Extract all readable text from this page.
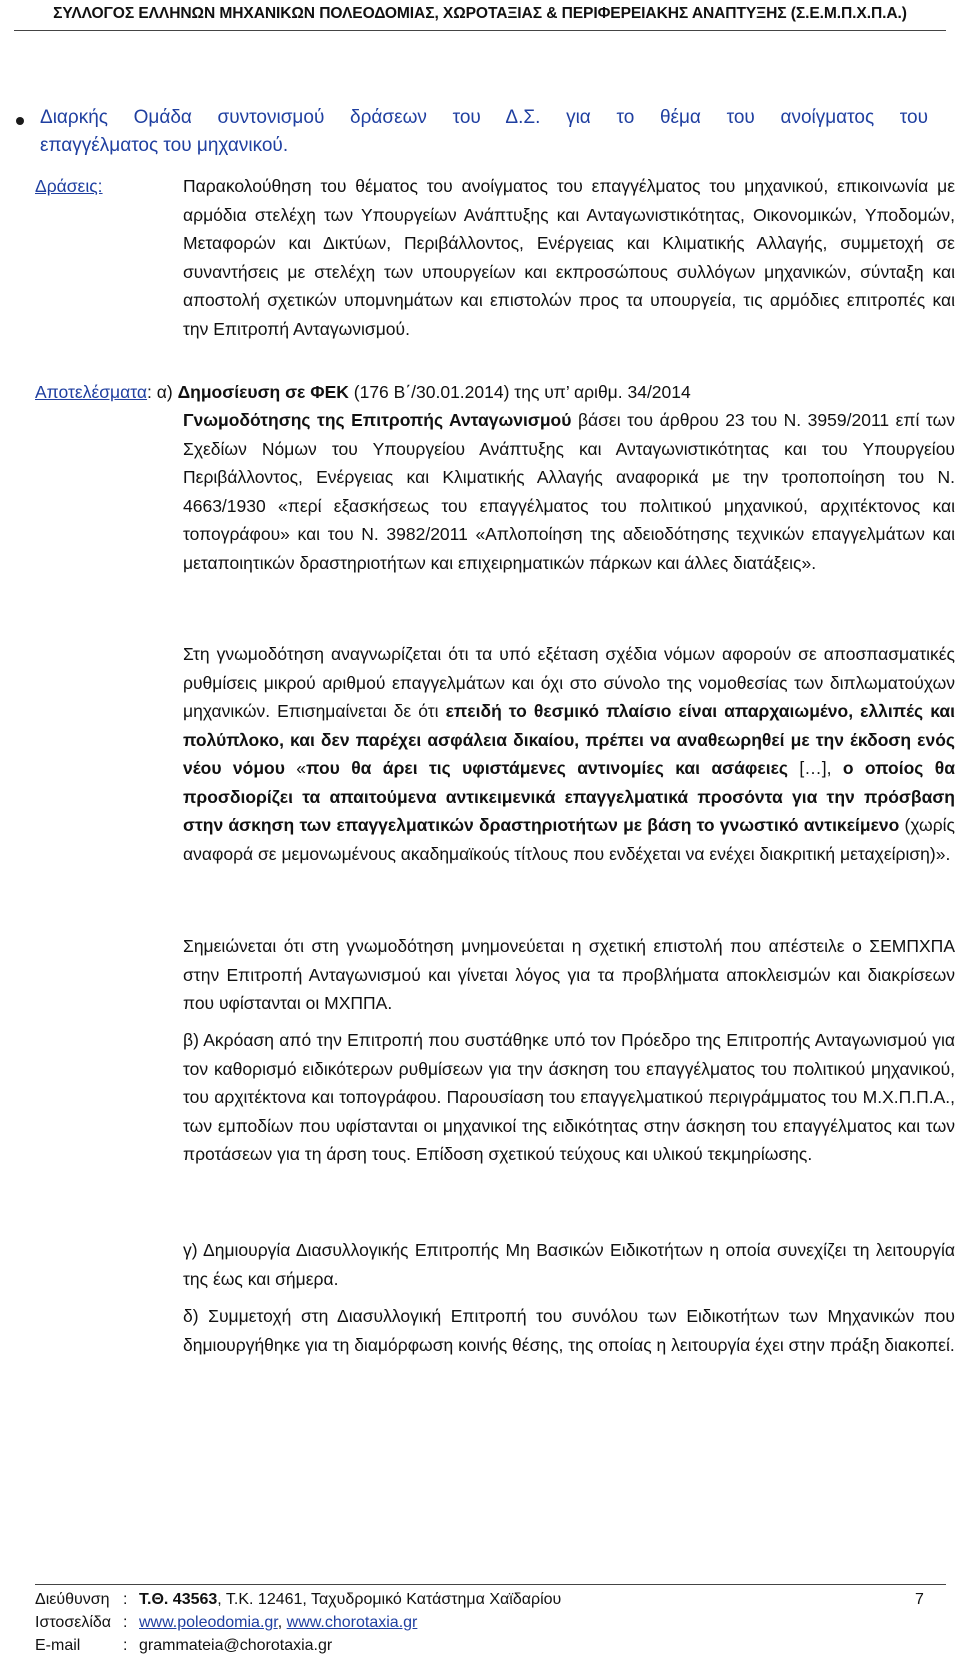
ΣΥΛΛΟΓΟΣ ΕΛΛΗΝΩΝ ΜΗΧΑΝΙΚΩΝ ΠΟΛΕΟΔΟΜΙΑΣ, ΧΩΡΟΤΑΞΙΑΣ & ΠΕΡΙΦΕΡΕΙΑΚΗΣ ΑΝΑΠΤΥΞΗΣ (Σ.Ε.Μ.Π.Χ.Π.Α.)
Διαρκής Ομάδα συντονισμού δράσεων του Δ.Σ. για το θέμα του ανοίγματος του
επαγγέλματος του μηχανικού.
Δράσεις:	Παρακολούθηση του θέματος του ανοίγματος του επαγγέλματος του μηχανικού, επικοινωνία με αρμόδια στελέχη των Υπουργείων Ανάπτυξης και Ανταγωνιστικότητας, Οικονομικών, Υποδομών, Μεταφορών και Δικτύων, Περιβάλλοντος, Ενέργειας και Κλιματικής Αλλαγής, συμμετοχή σε συναντήσεις με στελέχη των υπουργείων και εκπροσώπους συλλόγων μηχανικών, σύνταξη και αποστολή σχετικών υπομνημάτων και επιστολών προς τα υπουργεία, τις αρμόδιες επιτροπές και την Επιτροπή Ανταγωνισμού.
Αποτελέσματα: α) Δημοσίευση σε ΦΕΚ (176 Β΄/30.01.2014) της υπ’ αριθμ. 34/2014
Γνωμοδότησης της Επιτροπής Ανταγωνισμού βάσει του άρθρου 23 του Ν. 3959/2011 επί των Σχεδίων Νόμων του Υπουργείου Ανάπτυξης και Ανταγωνιστικότητας και του Υπουργείου Περιβάλλοντος, Ενέργειας και Κλιματικής Αλλαγής αναφορικά με την τροποποίηση του Ν. 4663/1930 «περί εξασκήσεως του επαγγέλματος του πολιτικού μηχανικού, αρχιτέκτονος και τοπογράφου» και του Ν. 3982/2011 «Απλοποίηση της αδειοδότησης τεχνικών επαγγελμάτων και μεταποιητικών δραστηριοτήτων και επιχειρηματικών πάρκων και άλλες διατάξεις».
Στη γνωμοδότηση αναγνωρίζεται ότι τα υπό εξέταση σχέδια νόμων αφορούν σε αποσπασματικές ρυθμίσεις μικρού αριθμού επαγγελμάτων και όχι στο σύνολο της νομοθεσίας των διπλωματούχων μηχανικών. Επισημαίνεται δε ότι επειδή το θεσμικό πλαίσιο είναι απαρχαιωμένο, ελλιπές και πολύπλοκο, και δεν παρέχει ασφάλεια δικαίου, πρέπει να αναθεωρηθεί με την έκδοση ενός νέου νόμου «που θα άρει τις υφιστάμενες αντινομίες και ασάφειες […], ο οποίος θα προσδιορίζει τα απαιτούμενα αντικειμενικά επαγγελματικά προσόντα για την πρόσβαση στην άσκηση των επαγγελματικών δραστηριοτήτων με βάση το γνωστικό αντικείμενο (χωρίς αναφορά σε μεμονωμένους ακαδημαϊκούς τίτλους που ενδέχεται να ενέχει διακριτική μεταχείριση)».
Σημειώνεται ότι στη γνωμοδότηση μνημονεύεται η σχετική επιστολή που απέστειλε ο ΣΕΜΠΧΠΑ στην Επιτροπή Ανταγωνισμού και γίνεται λόγος για τα προβλήματα αποκλεισμών και διακρίσεων που υφίστανται οι ΜΧΠΠΑ.
β) Ακρόαση από την Επιτροπή που συστάθηκε υπό τον Πρόεδρο της Επιτροπής Ανταγωνισμού για τον καθορισμό ειδικότερων ρυθμίσεων για την άσκηση του επαγγέλματος του πολιτικού μηχανικού, του αρχιτέκτονα και τοπογράφου. Παρουσίαση του επαγγελματικού περιγράμματος του Μ.Χ.Π.Π.Α., των εμποδίων που υφίστανται οι μηχανικοί της ειδικότητας στην άσκηση του επαγγέλματος και των προτάσεων για τη άρση τους. Επίδοση σχετικού τεύχους και υλικού τεκμηρίωσης.
γ) Δημιουργία Διασυλλογικής Επιτροπής Μη Βασικών Ειδικοτήτων η οποία συνεχίζει τη λειτουργία της έως και σήμερα.
δ) Συμμετοχή στη Διασυλλογική Επιτροπή του συνόλου των Ειδικοτήτων των Μηχανικών που δημιουργήθηκε για τη διαμόρφωση κοινής θέσης, της οποίας η λειτουργία έχει στην πράξη διακοπεί.
Διεύθυνση : Τ.Θ. 43563, Τ.Κ. 12461, Ταχυδρομικό Κατάστημα Χαϊδαρίου	7
Ιστοσελίδα : www.poleodomia.gr, www.chorotaxia.gr
E-mail	: grammateia@chorotaxia.gr
